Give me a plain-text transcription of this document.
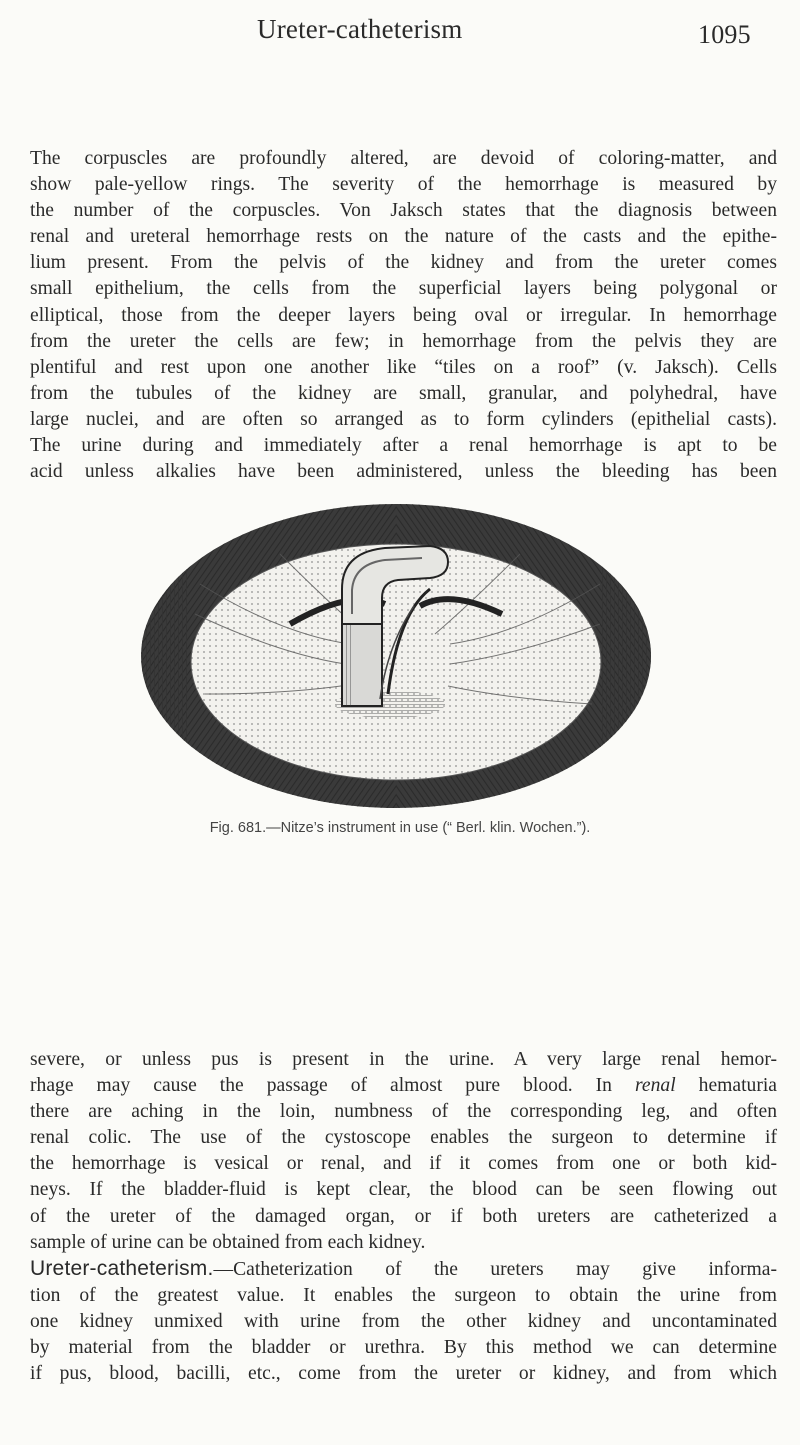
Ureter-catheterism	1095
The corpuscles are profoundly altered, are devoid of coloring-matter, and
show pale-yellow rings. The severity of the hemorrhage is measured by
the number of the corpuscles. Von Jaksch states that the diagnosis between
renal and ureteral hemorrhage rests on the nature of the casts and the epithe-
lium present. From the pelvis of the kidney and from the ureter comes
small epithelium, the cells from the superficial layers being polygonal or
elliptical, those from the deeper layers being oval or irregular. In hemorrhage
from the ureter the cells are few; in hemorrhage from the pelvis they are
plentiful and rest upon one another like “tiles on a roof” (v. Jaksch). Cells
from the tubules of the kidney are small, granular, and polyhedral, have
large nuclei, and are often so arranged as to form cylinders (epithelial casts).
The urine during and immediately after a renal hemorrhage is apt to be
acid unless alkalies have been administered, unless the bleeding has been
Fig. 681.—Nitze’s instrument in use (“ Berl. klin. Wochen.”).
severe, or unless pus is present in the urine. A very large renal hemor-
rhage may cause the passage of almost pure blood. In renal hematuria
there are aching in the loin, numbness of the corresponding leg, and often
renal colic. The use of the cystoscope enables the surgeon to determine if
the hemorrhage is vesical or renal, and if it comes from one or both kid-
neys. If the bladder-fluid is kept clear, the blood can be seen flowing out
of the ureter of the damaged organ, or if both ureters are catheterized a
sample of urine can be obtained from each kidney.
Ureter-catheterism.—Catheterization of the ureters may give informa-
tion of the greatest value. It enables the surgeon to obtain the urine from
one kidney unmixed with urine from the other kidney and uncontaminated
by material from the bladder or urethra. By this method we can determine
if pus, blood, bacilli, etc., come from the ureter or kidney, and from which
